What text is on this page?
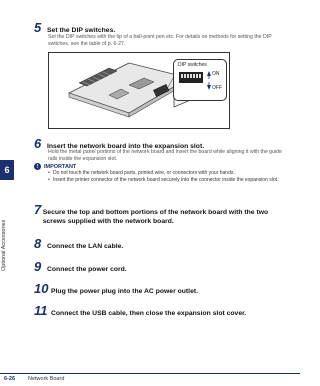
6
Optional Accessories
5 Set the DIP switches.
Set the DIP switches with the tip of a ball-point pen etc. For details on methods for setting the DIP switches, see the table of p. 6-27.
DIP switches
ON
OFF
6 Insert the network board into the expansion slot.
Hold the metal panel portions of the network board and insert the board while aligning it with the guide rails inside the expansion slot.
!	IMPORTANT
• Do not touch the network board parts, printed wire, or connectors with your hands.
• Insert the printer connector of the network board securely into the connector inside the expansion slot.
7 Secure the top and bottom portions of the network board with the two screws supplied with the network board.
8 Connect the LAN cable.
9 Connect the power cord.
10 Plug the power plug into the AC power outlet.
11 Connect the USB cable, then close the expansion slot cover.
6-26 Network Board
